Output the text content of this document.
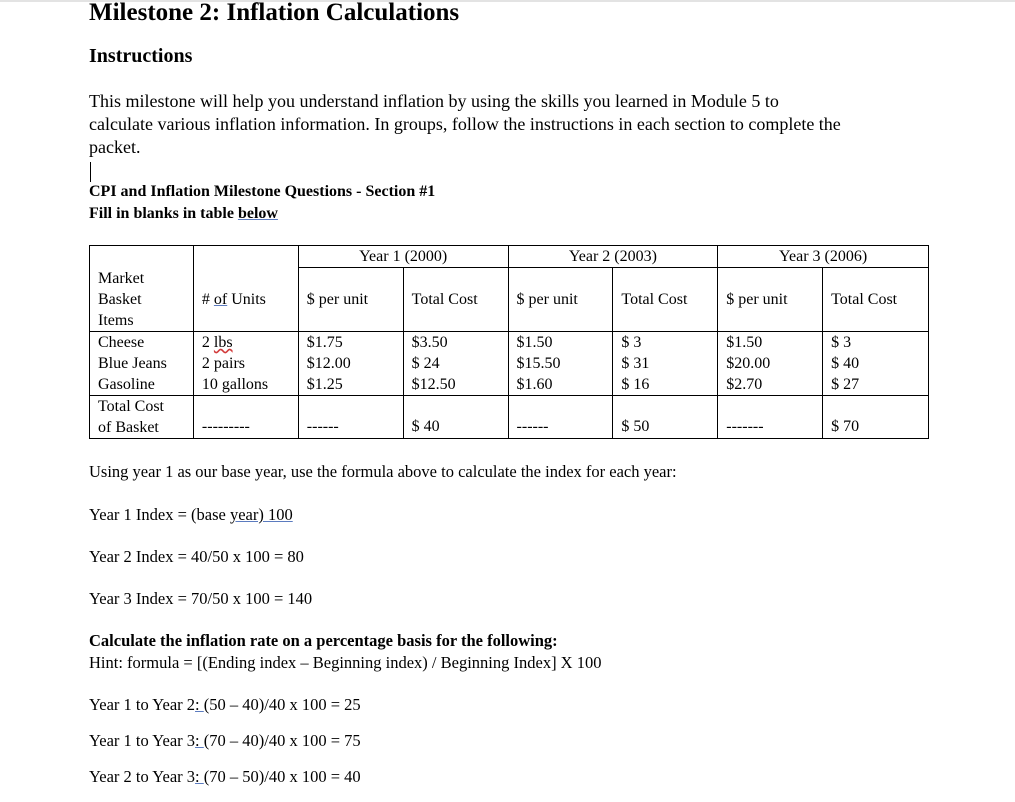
Milestone 2: Inflation Calculations
Instructions
This milestone will help you understand inflation by using the skills you learned in Module 5 to
calculate various inflation information. In groups, follow the instructions in each section to complete the
packet.
CPI and Inflation Milestone Questions - Section #1
Fill in blanks in table below
		Year 1 (2000)		Year 2 (2003)		Year 3 (2006)	

Market
Basket
Items	# of Units	$ per unit	Total Cost	$ per unit	Total Cost	$ per unit	Total Cost
Cheese	2 lbs	$1.75	$3.50	$1.50	$ 3	$1.50	$ 3
Blue Jeans	2 pairs	$12.00	$ 24	$15.50	$ 31	$20.00	$ 40
Gasoline	10 gallons	$1.25	$12.50	$1.60	$ 16	$2.70	$ 27

Total Cost
of Basket	---------	------	$ 40	------	$ 50	-------	$ 70
Using year 1 as our base year, use the formula above to calculate the index for each year:
Year 1 Index = (base year) 100
Year 2 Index = 40/50 x 100 = 80
Year 3 Index = 70/50 x 100 = 140
Calculate the inflation rate on a percentage basis for the following:
Hint: formula = [(Ending index – Beginning index) / Beginning Index] X 100
Year 1 to Year 2: (50 – 40)/40 x 100 = 25
Year 1 to Year 3: (70 – 40)/40 x 100 = 75
Year 2 to Year 3: (70 – 50)/40 x 100 = 40
